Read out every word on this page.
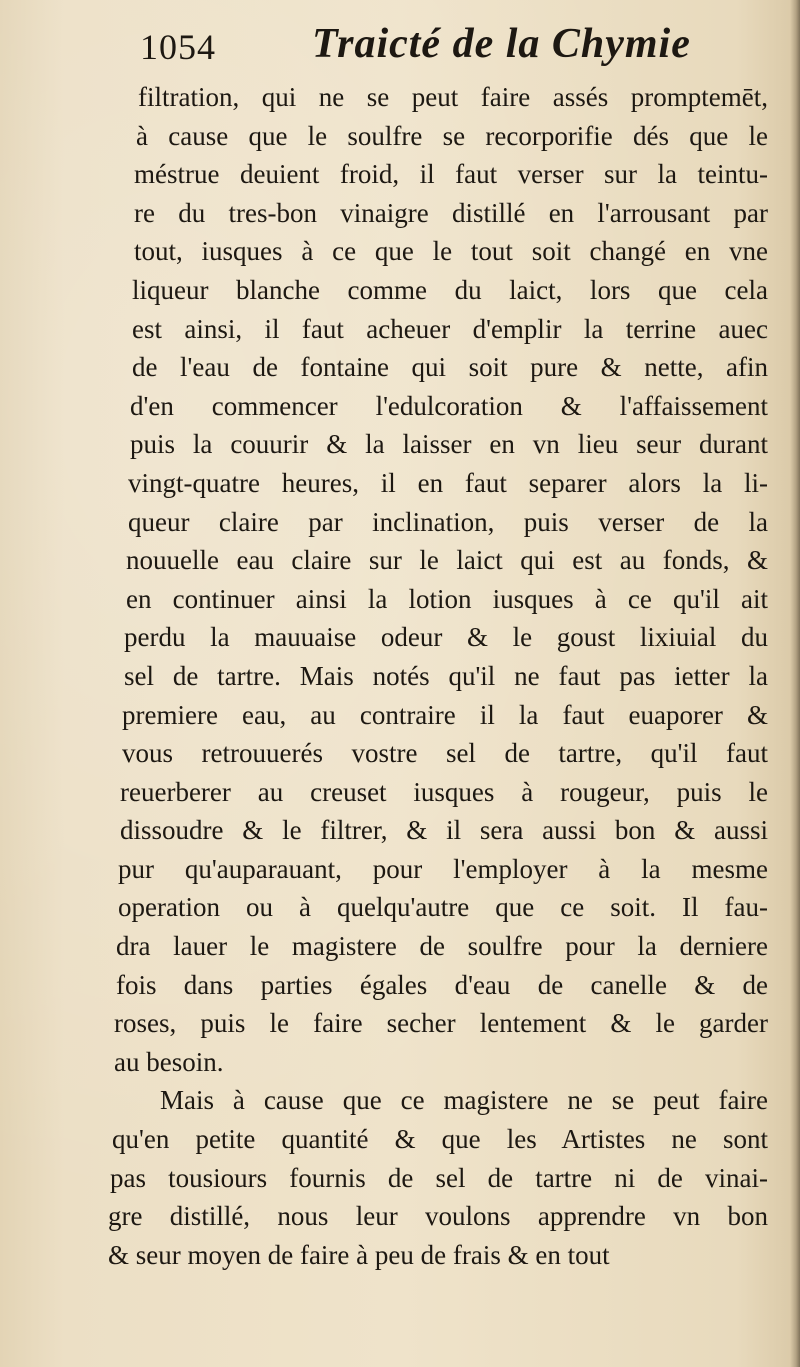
1054 Traicté de la Chymie
filtration, qui ne se peut faire assés promptemēt,
à cause que le soulfre se recorporifie dés que le
méstrue deuient froid, il faut verser sur la teintu-
re du tres-bon vinaigre distillé en l'arrousant par
tout, iusques à ce que le tout soit changé en vne
liqueur blanche comme du laict, lors que cela
est ainsi, il faut acheuer d'emplir la terrine auec
de l'eau de fontaine qui soit pure & nette, afin
d'en commencer l'edulcoration & l'affaissement
puis la couurir & la laisser en vn lieu seur durant
vingt-quatre heures, il en faut separer alors la li-
queur claire par inclination, puis verser de la
nouuelle eau claire sur le laict qui est au fonds, &
en continuer ainsi la lotion iusques à ce qu'il ait
perdu la mauuaise odeur & le goust lixiuial du
sel de tartre. Mais notés qu'il ne faut pas ietter la
premiere eau, au contraire il la faut euaporer &
vous retrouuerés vostre sel de tartre, qu'il faut
reuerberer au creuset iusques à rougeur, puis le
dissoudre & le filtrer, & il sera aussi bon & aussi
pur qu'auparauant, pour l'employer à la mesme
operation ou à quelqu'autre que ce soit. Il fau-
dra lauer le magistere de soulfre pour la derniere
fois dans parties égales d'eau de canelle & de
roses, puis le faire secher lentement & le garder
au besoin.
Mais à cause que ce magistere ne se peut faire
qu'en petite quantité & que les Artistes ne sont
pas tousiours fournis de sel de tartre ni de vinai-
gre distillé, nous leur voulons apprendre vn bon
& seur moyen de faire à peu de frais & en tout
